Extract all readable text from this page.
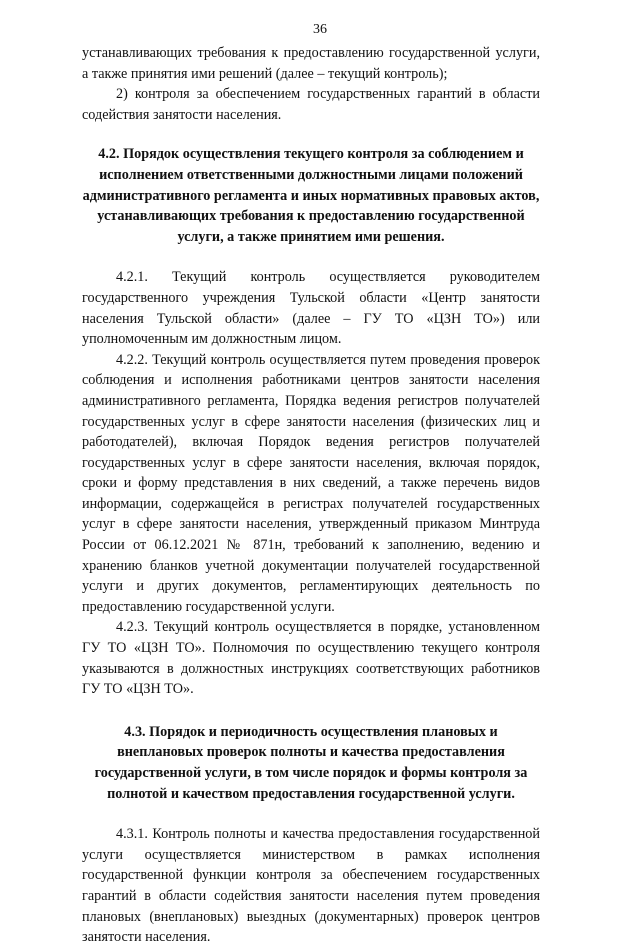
36

устанавливающих требования к предоставлению государственной услуги, а также принятия ими решений (далее – текущий контроль);

2) контроля за обеспечением государственных гарантий в области содействия занятости населения.

4.2. Порядок осуществления текущего контроля за соблюдением и исполнением ответственными должностными лицами положений административного регламента и иных нормативных правовых актов, устанавливающих требования к предоставлению государственной услуги, а также принятием ими решения.

4.2.1. Текущий контроль осуществляется руководителем государственного учреждения Тульской области «Центр занятости населения Тульской области» (далее – ГУ ТО «ЦЗН ТО») или уполномоченным им должностным лицом.

4.2.2. Текущий контроль осуществляется путем проведения проверок соблюдения и исполнения работниками центров занятости населения административного регламента, Порядка ведения регистров получателей государственных услуг в сфере занятости населения (физических лиц и работодателей), включая Порядок ведения регистров получателей государственных услуг в сфере занятости населения, включая порядок, сроки и форму представления в них сведений, а также перечень видов информации, содержащейся в регистрах получателей государственных услуг в сфере занятости населения, утвержденный приказом Минтруда России от 06.12.2021 № 871н, требований к заполнению, ведению и хранению бланков учетной документации получателей государственной услуги и других документов, регламентирующих деятельность по предоставлению государственной услуги.

4.2.3. Текущий контроль осуществляется в порядке, установленном ГУ ТО «ЦЗН ТО». Полномочия по осуществлению текущего контроля указываются в должностных инструкциях соответствующих работников ГУ ТО «ЦЗН ТО».

4.3. Порядок и периодичность осуществления плановых и внеплановых проверок полноты и качества предоставления государственной услуги, в том числе порядок и формы контроля за полнотой и качеством предоставления государственной услуги.

4.3.1. Контроль полноты и качества предоставления государственной услуги осуществляется министерством в рамках исполнения государственной функции контроля за обеспечением государственных гарантий в области содействия занятости населения путем проведения плановых (внеплановых) выездных (документарных) проверок центров занятости населения.
